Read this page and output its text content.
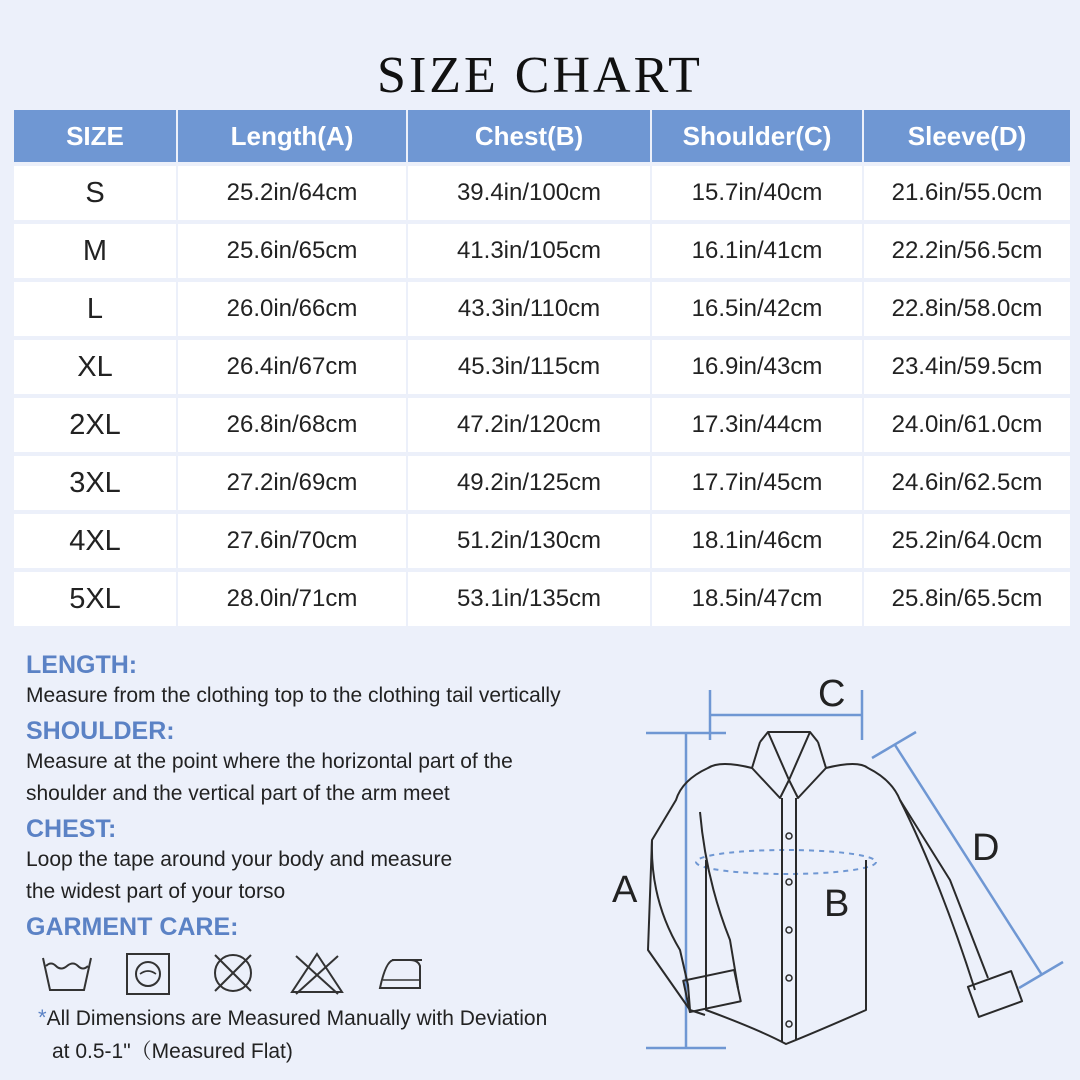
SIZE CHART
SIZE	Length(A)	Chest(B)	Shoulder(C)	Sleeve(D)
S	25.2in/64cm	39.4in/100cm	15.7in/40cm	21.6in/55.0cm
M	25.6in/65cm	41.3in/105cm	16.1in/41cm	22.2in/56.5cm
L	26.0in/66cm	43.3in/110cm	16.5in/42cm	22.8in/58.0cm
XL	26.4in/67cm	45.3in/115cm	16.9in/43cm	23.4in/59.5cm
2XL	26.8in/68cm	47.2in/120cm	17.3in/44cm	24.0in/61.0cm
3XL	27.2in/69cm	49.2in/125cm	17.7in/45cm	24.6in/62.5cm
4XL	27.6in/70cm	51.2in/130cm	18.1in/46cm	25.2in/64.0cm
5XL	28.0in/71cm	53.1in/135cm	18.5in/47cm	25.8in/65.5cm
LENGTH:
Measure from the clothing top to the clothing tail vertically
SHOULDER:
Measure at the point where the horizontal part of the
shoulder and the vertical part of the arm meet
CHEST:
Loop the tape around your body and measure
the widest part of your torso
GARMENT CARE:
*All Dimensions are Measured Manually with Deviation
at 0.5-1"（Measured Flat)
C
A	B
D
